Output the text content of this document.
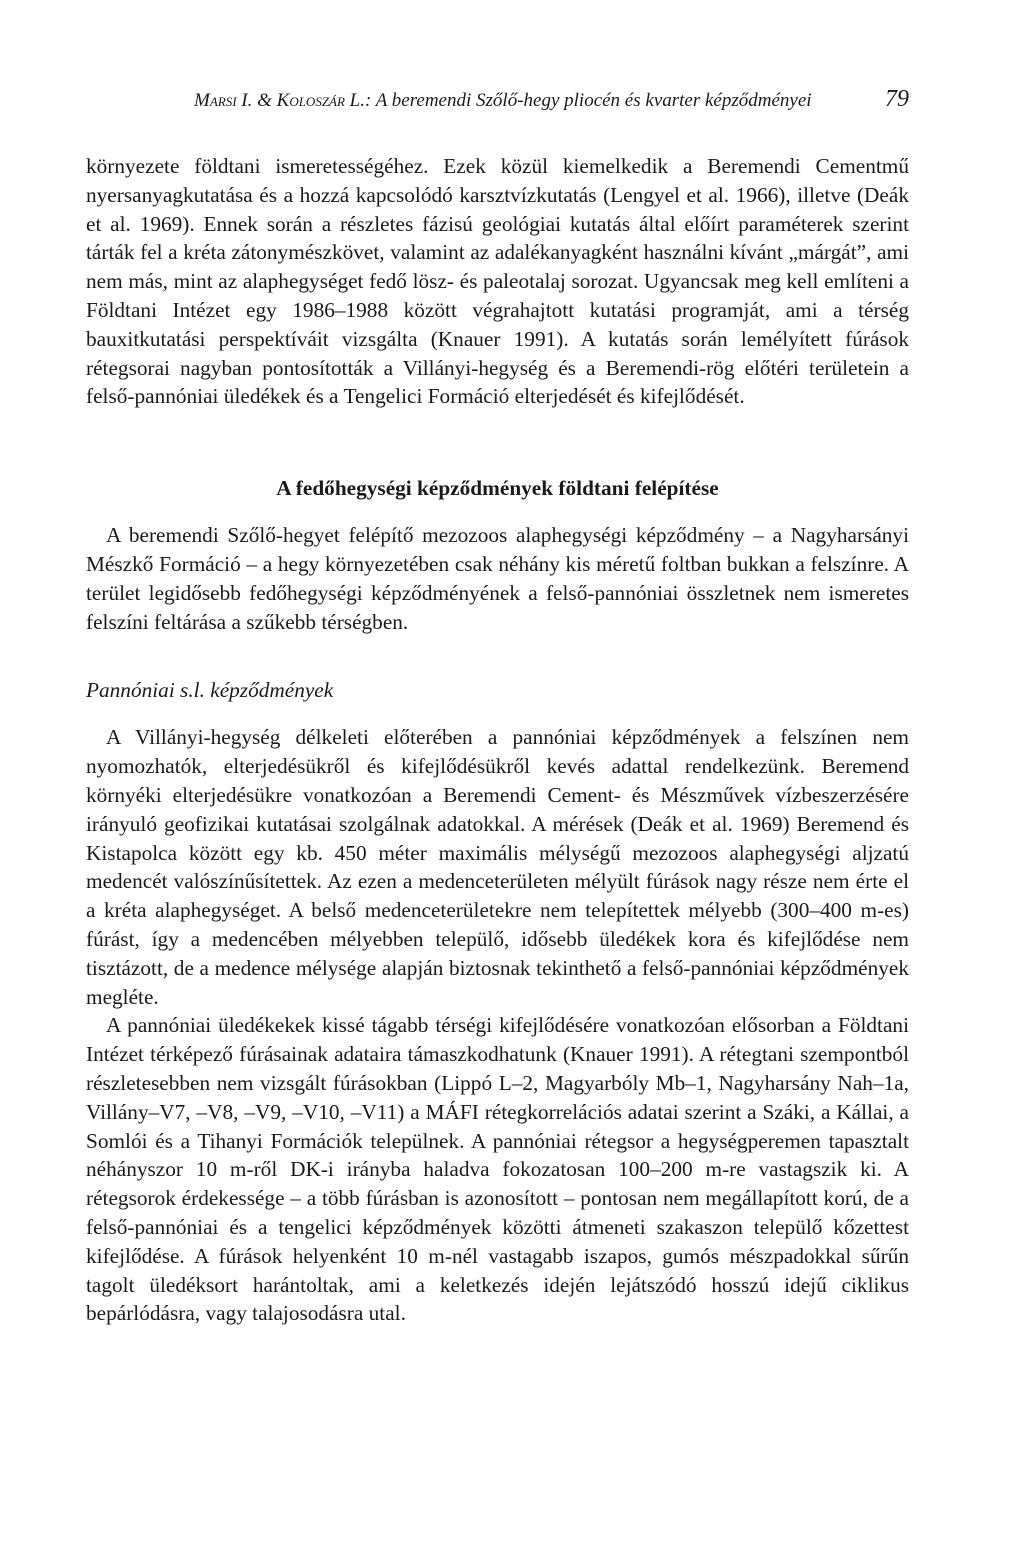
Marsi I. & Koloszár L.: A beremendi Szőlő-hegy pliocén és kvarter képződményei	79

környezete földtani ismeretességéhez. Ezek közül kiemelkedik a Beremendi Cementmű nyersanyagkutatása és a hozzá kapcsolódó karsztvízkutatás (Lengyel et al. 1966), illetve (Deák et al. 1969). Ennek során a részletes fázisú geológiai kutatás által előírt paraméterek szerint tárták fel a kréta zátonymészkövet, valamint az adalékanyagként használni kívánt „márgát”, ami nem más, mint az alaphegységet fedő lösz- és paleotalaj sorozat. Ugyancsak meg kell említeni a Földtani Intézet egy 1986–1988 között végrahajtott kutatási programját, ami a térség bauxitkutatási perspektíváit vizsgálta (Knauer 1991). A kutatás során lemélyített fúrások rétegsorai nagyban pontosították a Villányi-hegység és a Beremendi-rög előtéri területein a felső-pannóniai üledékek és a Tengelici Formáció elterjedését és kifejlődését.

A fedőhegységi képződmények földtani felépítése

A beremendi Szőlő-hegyet felépítő mezozoos alaphegységi képződmény – a Nagyharsányi Mészkő Formáció – a hegy környezetében csak néhány kis méretű foltban bukkan a felszínre. A terület legidősebb fedőhegységi képződményének a felső-pannóniai összletnek nem ismeretes felszíni feltárása a szűkebb térségben.

Pannóniai s.l. képződmények

A Villányi-hegység délkeleti előterében a pannóniai képződmények a felszínen nem nyomozhatók, elterjedésükről és kifejlődésükről kevés adattal rendelkezünk. Beremend környéki elterjedésükre vonatkozóan a Beremendi Cement- és Mészművek vízbeszerzésére irányuló geofizikai kutatásai szolgálnak adatokkal. A mérések (Deák et al. 1969) Beremend és Kistapolca között egy kb. 450 méter maximális mélységű mezozoos alaphegységi aljzatú medencét valószínűsítettek. Az ezen a medenceterületen mélyült fúrások nagy része nem érte el a kréta alaphegységet. A belső medenceterületekre nem telepítettek mélyebb (300–400 m-es) fúrást, így a medencében mélyebben települő, idősebb üledékek kora és kifejlődése nem tisztázott, de a medence mélysége alapján biztosnak tekinthető a felső-pannóniai képződmények megléte.

A pannóniai üledékekek kissé tágabb térségi kifejlődésére vonatkozóan elősorban a Földtani Intézet térképező fúrásainak adataira támaszkodhatunk (Knauer 1991). A rétegtani szempontból részletesebben nem vizsgált fúrásokban (Lippó L–2, Magyarbóly Mb–1, Nagyharsány Nah–1a, Villány–V7, –V8, –V9, –V10, –V11) a MÁFI rétegkorrelációs adatai szerint a Száki, a Kállai, a Somlói és a Tihanyi Formációk települnek. A pannóniai rétegsor a hegységperemen tapasztalt néhányszor 10 m-ről DK-i irányba haladva fokozatosan 100–200 m-re vastagszik ki. A rétegsorok érdekessége – a több fúrásban is azonosított – pontosan nem megállapított korú, de a felső-pannóniai és a tengelici képződmények közötti átmeneti szakaszon települő kőzettest kifejlődése. A fúrások helyenként 10 m-nél vastagabb iszapos, gumós mészpadokkal sűrűn tagolt üledéksort harántoltak, ami a keletkezés idején lejátszódó hosszú idejű ciklikus bepárlódásra, vagy talajosodásra utal.
